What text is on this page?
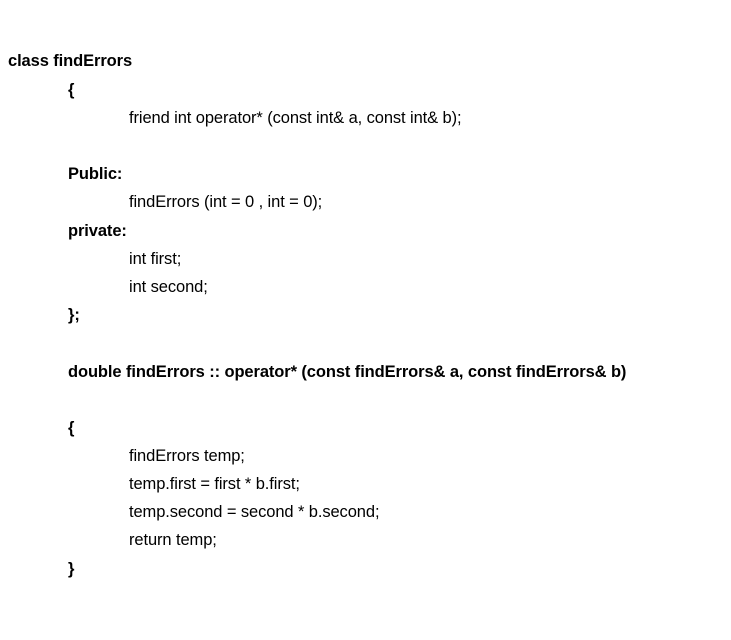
class findErrors
{
friend int operator* (const int& a, const int& b);
Public:
findErrors (int = 0 , int = 0);
private:
int first;
int second;
};
double findErrors :: operator* (const findErrors& a, const findErrors& b)
{
findErrors temp;
temp.first = first * b.first;
temp.second = second * b.second;
return temp;
}
